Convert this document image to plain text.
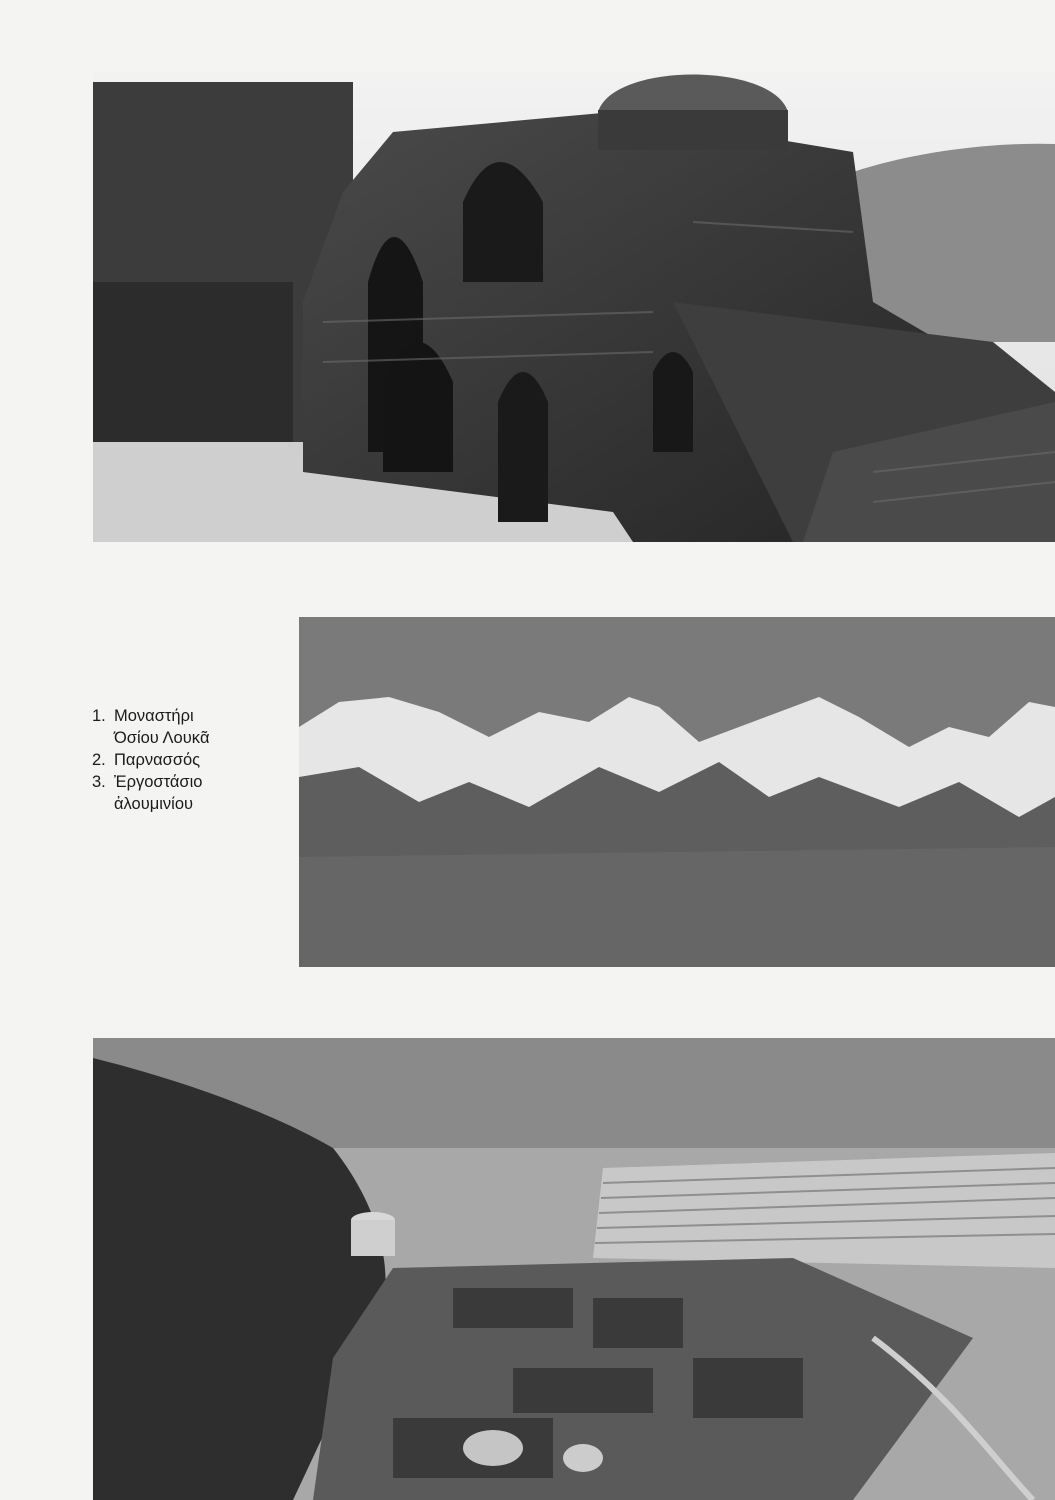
1. Μοναστήρι
Όσίου Λουκᾶ
2. Παρνασσός
3. Ἐργοστάσιο
ἀλουμινίου
